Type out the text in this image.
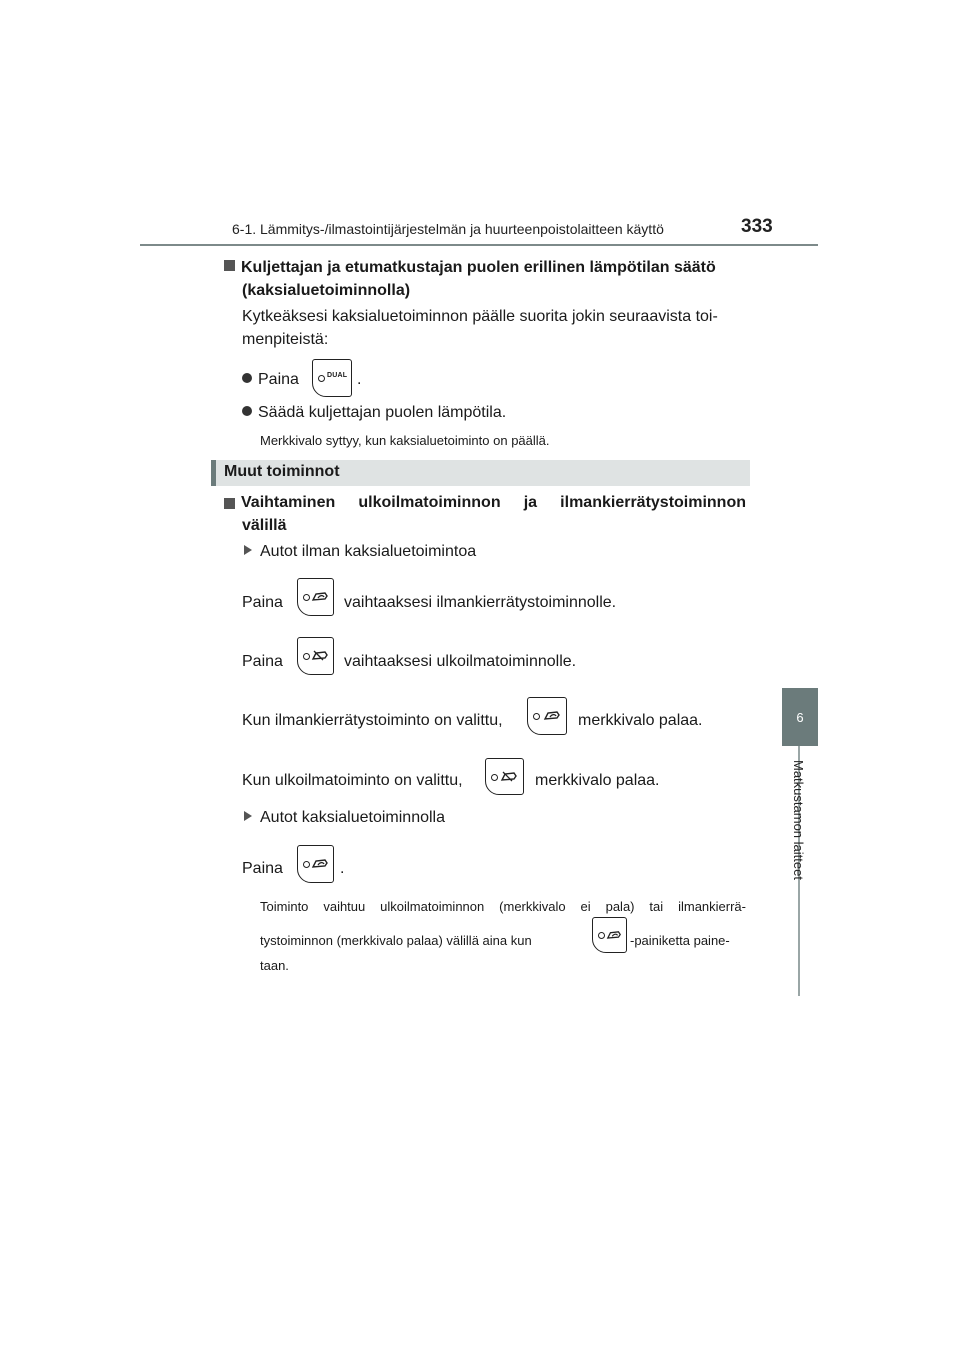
6-1. Lämmitys-/ilmastointijärjestelmän ja huurteenpoistolaitteen käyttö	333
6
Matkustamon laitteet
Kuljettajan ja etumatkustajan puolen erillinen lämpötilan säätö
(kaksialuetoiminnolla)
Kytkeäksesi kaksialuetoiminnon päälle suorita jokin seuraavista toi-
menpiteistä:
Paina	DUAL .
Säädä kuljettajan puolen lämpötila.
Merkkivalo syttyy, kun kaksialuetoiminto on päällä.
Muut toiminnot
Vaihtaminen ulkoilmatoiminnon ja ilmankierrätystoiminnon
välillä
Autot ilman kaksialuetoimintoa
Paina	vaihtaaksesi ilmankierrätystoiminnolle.
Paina	vaihtaaksesi ulkoilmatoiminnolle.
Kun ilmankierrätystoiminto on valittu,	merkkivalo palaa.
Kun ulkoilmatoiminto on valittu,	merkkivalo palaa.
Autot kaksialuetoiminnolla
Paina	.
Toiminto vaihtuu ulkoilmatoiminnon (merkkivalo ei pala) tai ilmankierrä-
tystoiminnon (merkkivalo palaa) välillä aina kun	-painiketta paine-
taan.
